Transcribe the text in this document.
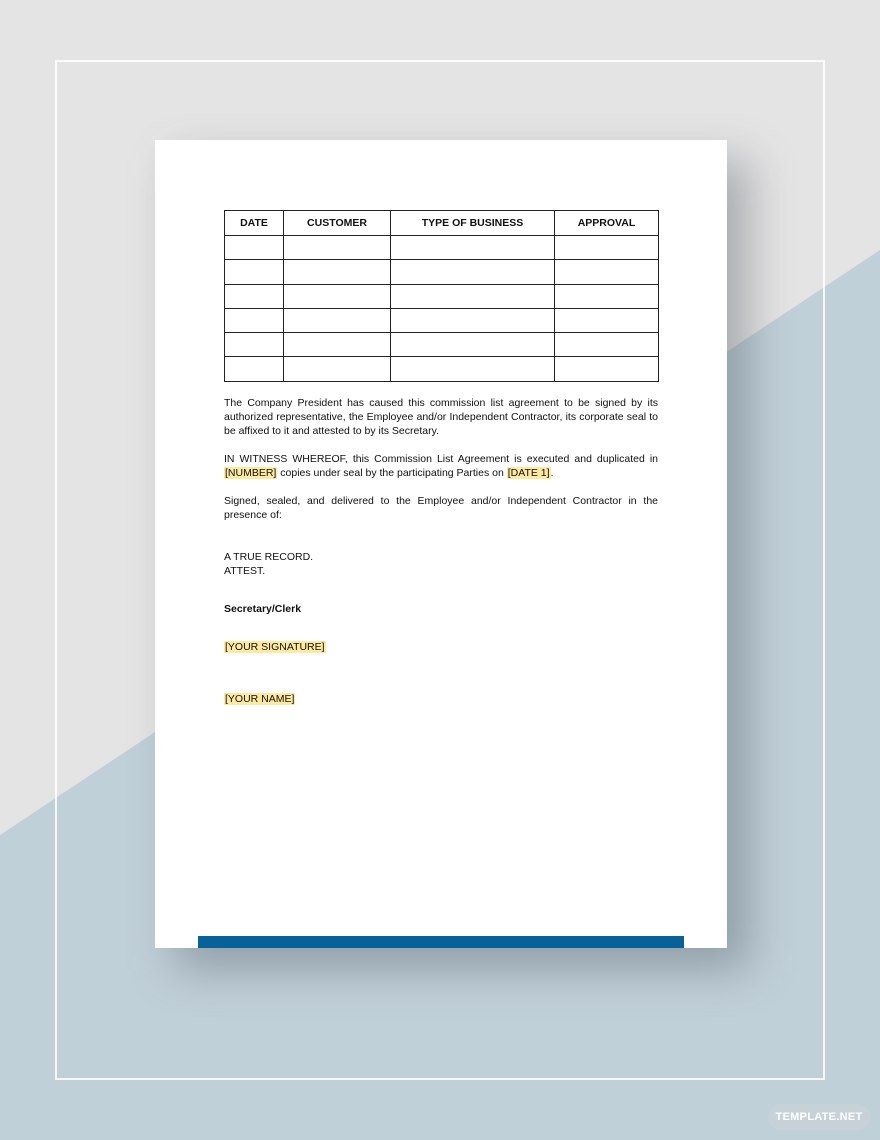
DATE	CUSTOMER	TYPE OF BUSINESS	APPROVAL

The Company President has caused this commission list agreement to be signed by its authorized representative, the Employee and/or Independent Contractor, its corporate seal to be affixed to it and attested to by its Secretary.

IN WITNESS WHEREOF, this Commission List Agreement is executed and duplicated in [NUMBER] copies under seal by the participating Parties on [DATE 1].

Signed, sealed, and delivered to the Employee and/or Independent Contractor in the presence of:

A TRUE RECORD.

ATTEST.

Secretary/Clerk

[YOUR SIGNATURE]

[YOUR NAME]

TEMPLATE.NET
